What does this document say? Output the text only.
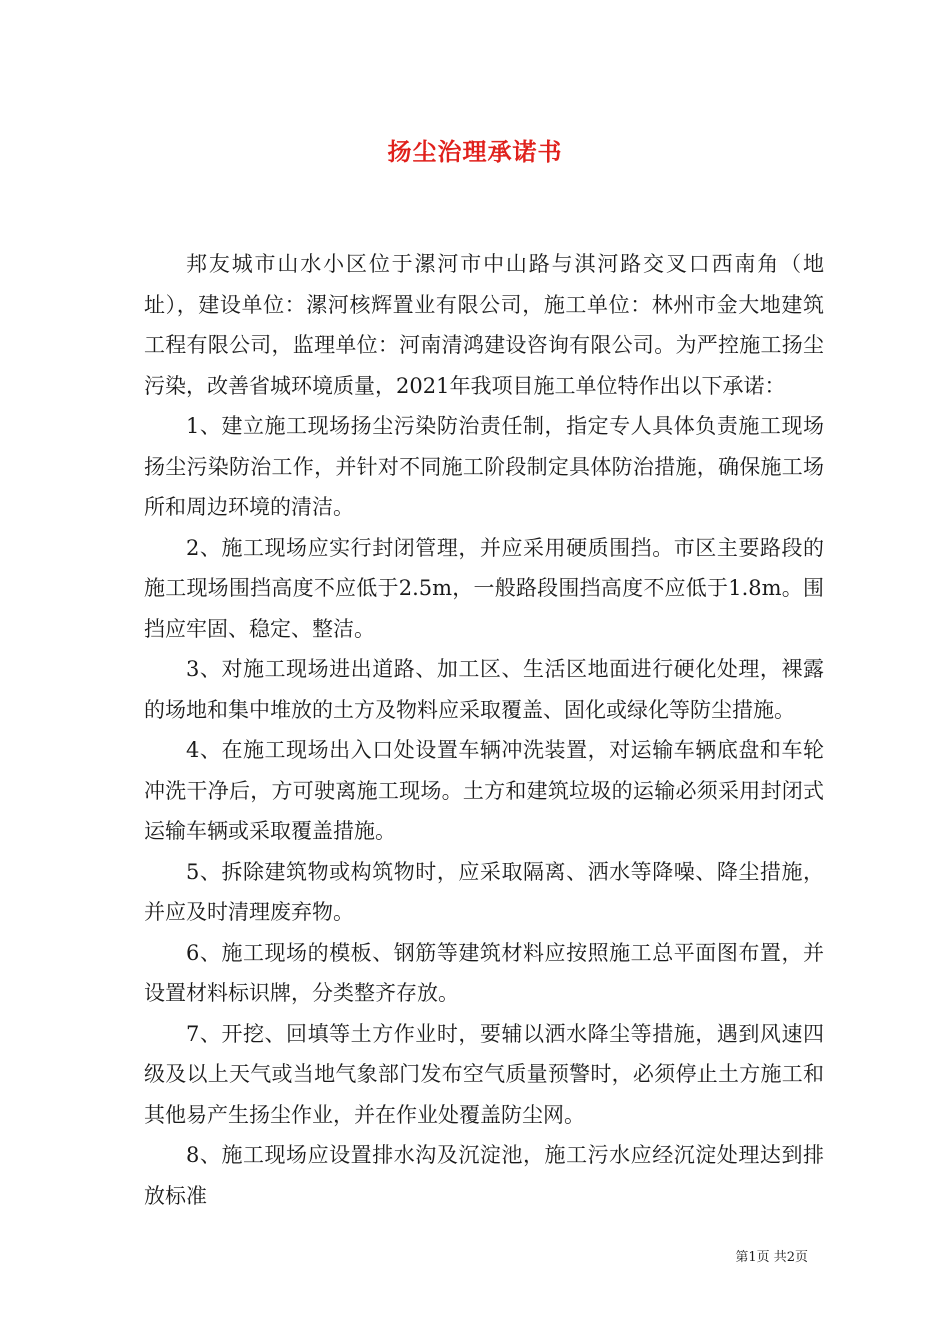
扬尘治理承诺书

邦友城市山水小区位于漯河市中山路与淇河路交叉口西南角（地址），建设单位：漯河核辉置业有限公司，施工单位：林州市金大地建筑工程有限公司，监理单位：河南清鸿建设咨询有限公司。为严控施工扬尘污染，改善省城环境质量，2021年我项目施工单位特作出以下承诺：

1、建立施工现场扬尘污染防治责任制，指定专人具体负责施工现场扬尘污染防治工作，并针对不同施工阶段制定具体防治措施，确保施工场所和周边环境的清洁。

2、施工现场应实行封闭管理，并应采用硬质围挡。市区主要路段的施工现场围挡高度不应低于2.5m，一般路段围挡高度不应低于1.8m。围挡应牢固、稳定、整洁。

3、对施工现场进出道路、加工区、生活区地面进行硬化处理，裸露的场地和集中堆放的土方及物料应采取覆盖、固化或绿化等防尘措施。

4、在施工现场出入口处设置车辆冲洗装置，对运输车辆底盘和车轮冲洗干净后，方可驶离施工现场。土方和建筑垃圾的运输必须采用封闭式运输车辆或采取覆盖措施。

5、拆除建筑物或构筑物时，应采取隔离、洒水等降噪、降尘措施，并应及时清理废弃物。

6、施工现场的模板、钢筋等建筑材料应按照施工总平面图布置，并设置材料标识牌，分类整齐存放。

7、开挖、回填等土方作业时，要辅以洒水降尘等措施，遇到风速四级及以上天气或当地气象部门发布空气质量预警时，必须停止土方施工和其他易产生扬尘作业，并在作业处覆盖防尘网。

8、施工现场应设置排水沟及沉淀池，施工污水应经沉淀处理达到排放标准

第1页 共2页
